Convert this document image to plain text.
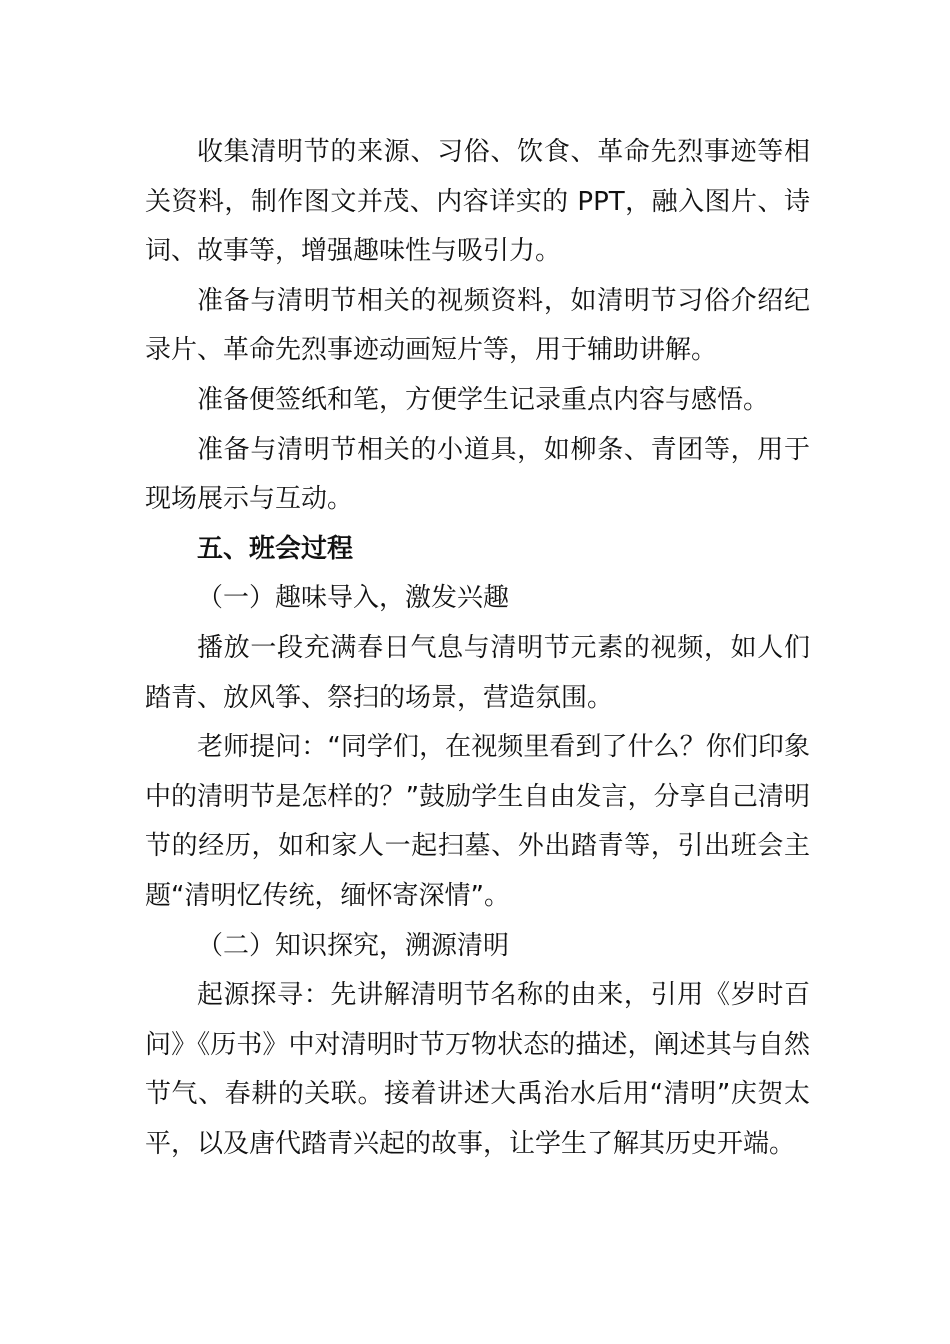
收集清明节的来源、习俗、饮食、革命先烈事迹等相关资料，制作图文并茂、内容详实的 PPT，融入图片、诗词、故事等，增强趣味性与吸引力。

准备与清明节相关的视频资料，如清明节习俗介绍纪录片、革命先烈事迹动画短片等，用于辅助讲解。

准备便签纸和笔，方便学生记录重点内容与感悟。

准备与清明节相关的小道具，如柳条、青团等，用于现场展示与互动。

五、班会过程

（一）趣味导入，激发兴趣

播放一段充满春日气息与清明节元素的视频，如人们踏青、放风筝、祭扫的场景，营造氛围。

老师提问：“同学们，在视频里看到了什么？你们印象中的清明节是怎样的？”鼓励学生自由发言，分享自己清明节的经历，如和家人一起扫墓、外出踏青等，引出班会主题“清明忆传统，缅怀寄深情”。

（二）知识探究，溯源清明

起源探寻：先讲解清明节名称的由来，引用《岁时百问》《历书》中对清明时节万物状态的描述，阐述其与自然节气、春耕的关联。接着讲述大禹治水后用“清明”庆贺太平，以及唐代踏青兴起的故事，让学生了解其历史开端。
